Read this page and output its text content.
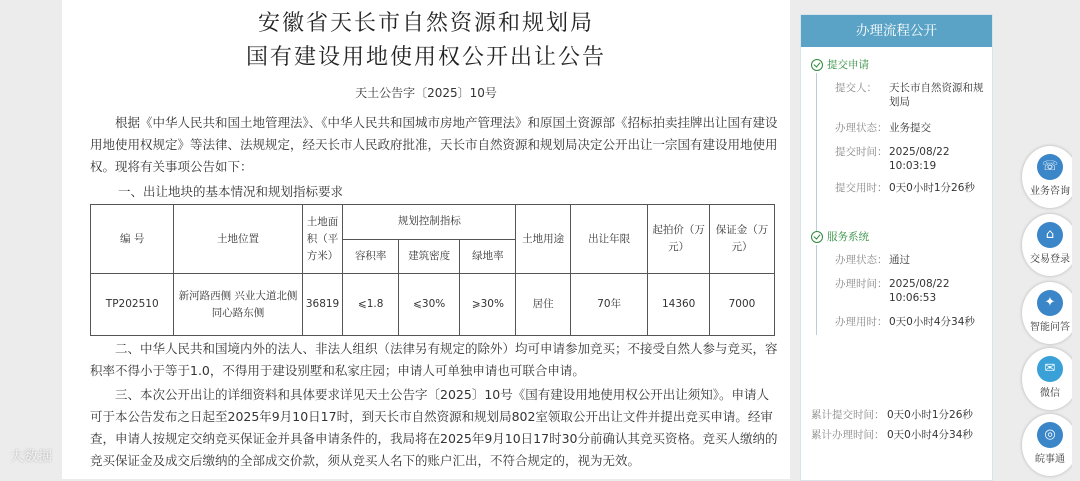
安徽省天长市自然资源和规划局
国有建设用地使用权公开出让公告
天土公告字〔2025〕10号

根据《中华人民共和国土地管理法》、《中华人民共和国城市房地产管理法》和原国土资源部《招标拍卖挂牌出让国有建设用地使用权规定》等法律、法规规定，经天长市人民政府批准，天长市自然资源和规划局决定公开出让一宗国有建设用地使用权。现将有关事项公告如下：

一、出让地块的基本情况和规划指标要求
编 号	土地位置	土地面积（平方米）	规划控制指标			土地用途	出让年限	起拍价（万元）	保证金（万元）
			容积率	建筑密度	绿地率				
TP202510	新河路西侧 兴业大道北侧同心路东侧	36819	⩽1.8	⩽30%	⩾30%	居住	70年	14360	7000

二、中华人民共和国境内外的法人、非法人组织（法律另有规定的除外）均可申请参加竞买；不接受自然人参与竞买，容积率不得小于等于1.0，不得用于建设别墅和私家庄园；申请人可单独申请也可联合申请。

三、本次公开出让的详细资料和具体要求详见天土公告字〔2025〕10号《国有建设用地使用权公开出让须知》。申请人可于本公告发布之日起至2025年9月10日17时，到天长市自然资源和规划局802室领取公开出让文件并提出竞买申请。经审查，申请人按规定交纳竞买保证金并具备申请条件的，我局将在2025年9月10日17时30分前确认其竞买资格。竞买人缴纳的竞买保证金及成交后缴纳的全部成交价款，须从竞买人名下的账户汇出，不符合规定的，视为无效。

办理流程公开
提交申请
提交人： 天长市自然资源和规划局
办理状态： 业务提交
提交时间： 2025/08/22 10:03:19
提交用时： 0天0小时1分26秒
服务系统
办理状态： 通过
办理时间： 2025/08/22 10:06:53
办理用时： 0天0小时4分34秒
累计提交时间： 0天0小时1分26秒
累计办理时间： 0天0小时4分34秒
☏
业务咨询
⌂
交易登录
✦
智能问答
✉
微信
◎
皖事通
大数据
